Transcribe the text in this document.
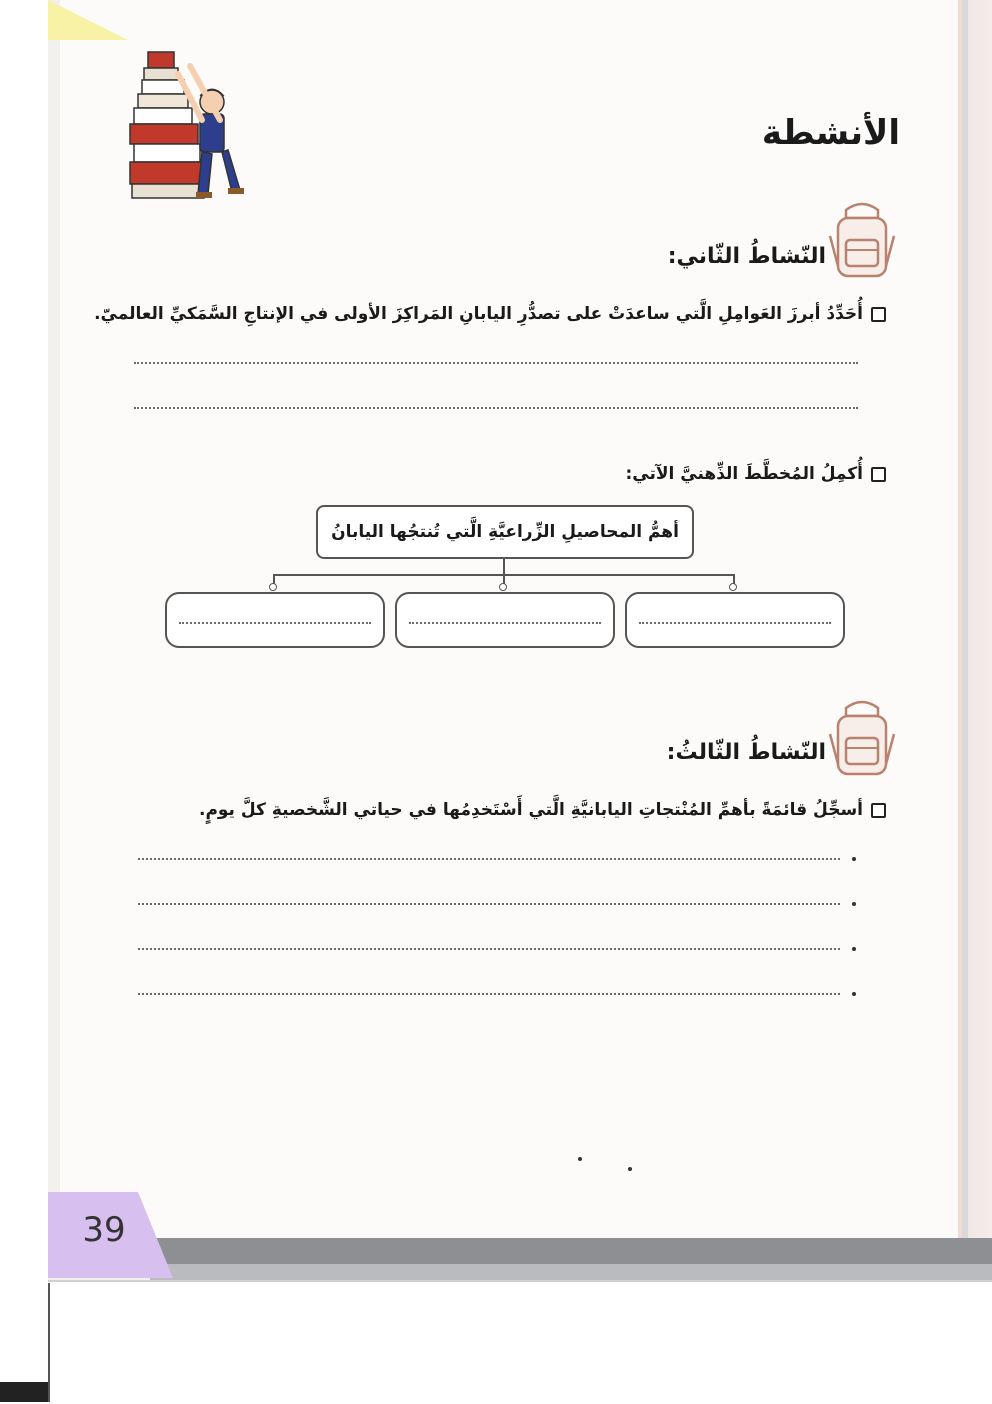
39
الأنشطة
النّشاطُ الثّاني:
أُحَدِّدُ أبرزَ العَوامِلِ الَّتي ساعدَتْ على تصدُّرِ اليابانِ المَراكِزَ الأولى في الإنتاجِ السَّمَكيِّ العالميّ.
أُكمِلُ المُخطَّطَ الذِّهنيَّ الآتي:
أهمُّ المحاصيلِ الزِّراعيَّةِ الَّتي تُنتجُها اليابانُ
النّشاطُ الثّالثُ:
أسجِّلُ قائمَةً بأهمِّ المُنْتجاتِ اليابانيَّةِ الَّتي أَسْتَخدِمُها في حياتي الشَّخصيةِ كلَّ يومٍ.
